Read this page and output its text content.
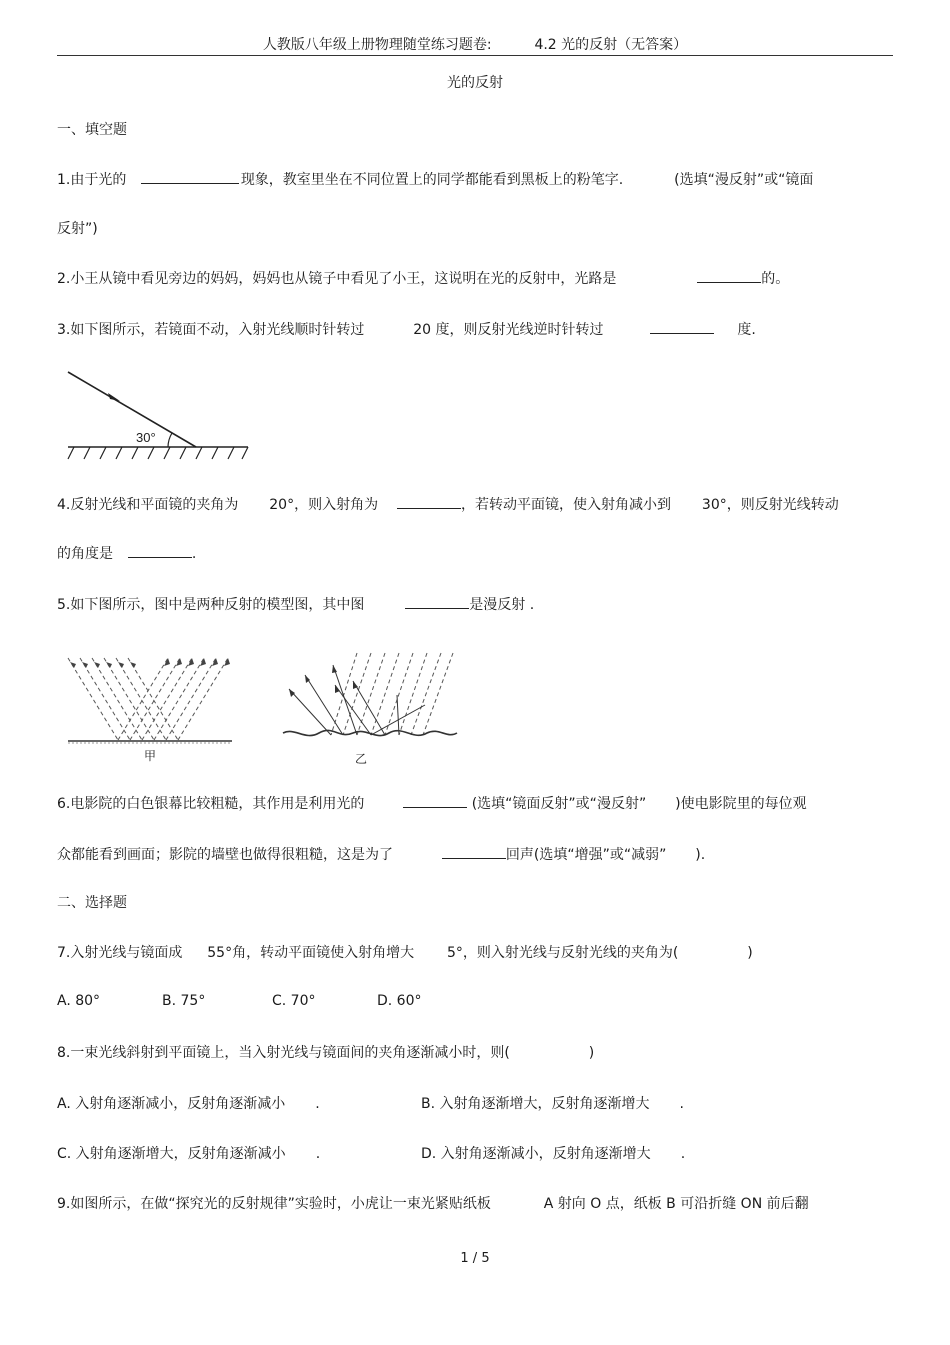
人教版八年级上册物理随堂练习题卷:	4.2 光的反射（无答案）
光的反射
一、填空题
1.由于光的	现象，教室里坐在不同位置上的同学都能看到黑板上的粉笔字.	(选填“漫反射”或“镜面
反射”)
2.小王从镜中看见旁边的妈妈，妈妈也从镜子中看见了小王，这说明在光的反射中，光路是	的。
3.如下图所示，若镜面不动，入射光线顺时针转过	20 度，则反射光线逆时针转过	度.
30°
4.反射光线和平面镜的夹角为 20°，则入射角为	，若转动平面镜，使入射角减小到 30°，则反射光线转动
的角度是	.
5.如下图所示，图中是两种反射的模型图，其中图	是漫反射 .
甲	乙
6.电影院的白色银幕比较粗糙，其作用是利用光的	(选填“镜面反射”或“漫反射” )使电影院里的每位观
众都能看到画面；影院的墙壁也做得很粗糙，这是为了	回声(选填“增强”或“减弱” ).
二、选择题
7.入射光线与镜面成 55°角，转动平面镜使入射角增大 5°，则入射光线与反射光线的夹角为(	)
A. 80°	B. 75°	C. 70°	D. 60°
8.一束光线斜射到平面镜上，当入射光线与镜面间的夹角逐渐减小时，则(	)
A. 入射角逐渐减小，反射角逐渐减小 .	B. 入射角逐渐增大，反射角逐渐增大 .
C. 入射角逐渐增大，反射角逐渐减小 .	D. 入射角逐渐减小，反射角逐渐增大 .
9.如图所示，在做“探究光的反射规律”实验时，小虎让一束光紧贴纸板	A 射向 O 点，纸板 B 可沿折缝 ON 前后翻
1 / 5
